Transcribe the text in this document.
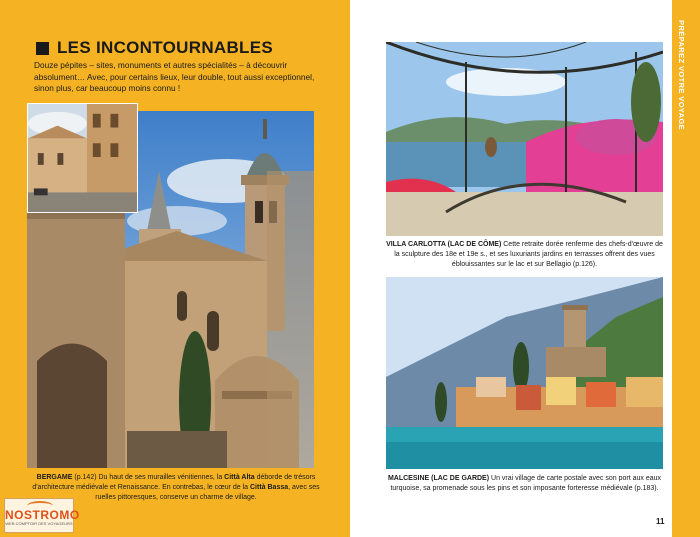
PRÉPAREZ VOTRE VOYAGE
LES INCONTOURNABLES
Douze pépites – sites, monuments et autres spécialités – à découvrir absolument… Avec, pour certains lieux, leur double, tout aussi exceptionnel, sinon plus, car beaucoup moins connu !
BERGAME (p.142) Du haut de ses murailles vénitiennes, la Città Alta déborde de trésors d'architecture médiévale et Renaissance. En contrebas, le cœur de la Città Bassa, avec ses ruelles pittoresques, conserve un charme de village.
VILLA CARLOTTA (LAC DE CÔME) Cette retraite dorée renferme des chefs-d'œuvre de la sculpture des 18e et 19e s., et ses luxuriants jardins en terrasses offrent des vues éblouissantes sur le lac et sur Bellagio (p.126).
MALCESINE (LAC DE GARDE) Un vrai village de carte postale avec son port aux eaux turquoise, sa promenade sous les pins et son imposante forteresse médiévale (p.183).
11
NOSTROMO
WEB COMPTOIR DES VOYAGEURS
